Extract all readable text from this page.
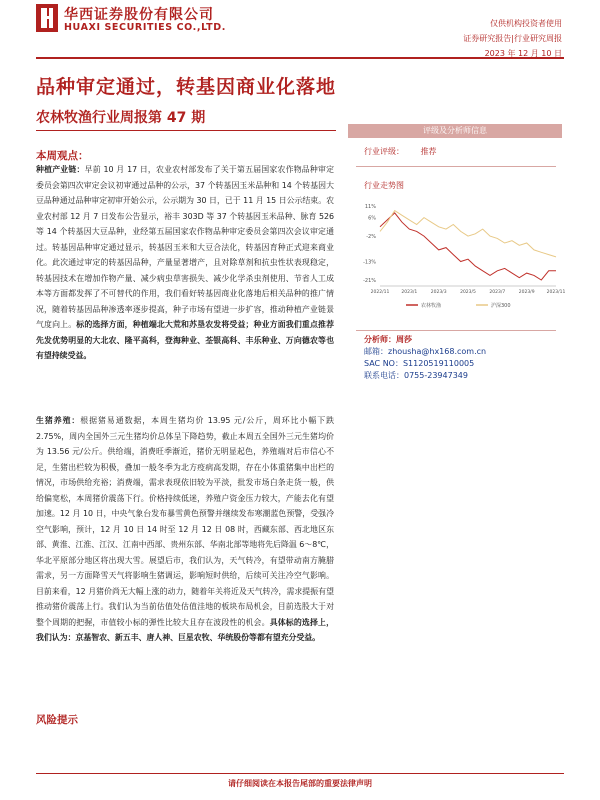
华西证券股份有限公司
HUAXI SECURITIES CO.,LTD.	仅供机构投资者使用
证券研究报告|行业研究周报
2023 年 12 月 10 日
品种审定通过，转基因商业化落地
农林牧渔行业周报第 47 期
本周观点：
种植产业链：早前 10 月 17 日，农业农村部发布了关于第五届国家农作物品种审定委员会第四次审定会议初审通过品种的公示，37 个转基因玉米品种和 14 个转基因大豆品种通过品种审定初审开始公示，公示期为 30 日，已于 11 月 15 日公示结束。农业农村部 12 月 7 日发布公告显示，裕丰 303D 等 37 个转基因玉米品种、脉育 526 等 14 个转基因大豆品种，业经第五届国家农作物品种审定委员会第四次会议审定通过。转基因品种审定通过显示，转基因玉米和大豆合法化，转基因育种正式迎来商业化。此次通过审定的转基因品种，产量显著增产，且对除草剂和抗虫性状表现稳定，转基因技术在增加作物产量、减少病虫草害损失、减少化学杀虫剂使用、节省人工成本等方面都发挥了不可替代的作用，我们看好转基因商业化落地后相关品种的推广情况，随着转基因品种渗透率逐步提高，种子市场有望进一步扩容，推动种植产业链景气度向上。标的选择方面，种植端北大荒和苏垦农发将受益；种业方面我们重点推荐先发优势明显的大北农、隆平高科，登海种业、荃银高科、丰乐种业、万向德农等也有望持续受益。
生猪养殖：根据猪易通数据，本周生猪均价 13.95 元/公斤，周环比小幅下跌 2.75%，周内全国外三元生猪均价总体呈下降趋势，截止本周五全国外三元生猪均价为 13.56 元/公斤。供给端，消费旺季渐近，猪价无明显起色，养殖端对后市信心不足，生猪出栏较为积极，叠加一般冬季为北方疫病高发期，存在小体重猪集中出栏的情况，市场供给充裕；消费端，需求表现依旧较为平淡，批发市场白条走货一般，供给偏宽松，本周猪价震荡下行。价格持续低迷，养殖户资金压力较大，产能去化有望加速。12 月 10 日，中央气象台发布暴雪黄色预警并继续发布寒潮蓝色预警，受强冷空气影响，预计，12 月 10 日 14 时至 12 月 12 日 08 时，西藏东部、西北地区东部、黄淮、江淮、江汉、江南中西部、贵州东部、华南北部等地将先后降温 6～8℃，华北平原部分地区将出现大雪。展望后市，我们认为，天气转冷，有望带动南方腌腊需求，另一方面降雪天气将影响生猪调运，影响短时供给，后续可关注冷空气影响。目前来看，12 月猪价尚无大幅上涨的动力，随着年关将近及天气转冷，需求提振有望推动猪价震荡上行。我们认为当前估值处估值洼地的板块布局机会，目前选股大于对整个周期的把握，市值较小标的弹性比较大且存在波段性的机会。具体标的选择上，我们认为：京基智农、新五丰、唐人神、巨星农牧、华统股份等都有望充分受益。
风险提示
评级及分析师信息
行业评级： 推荐
行业走势图
11%
6%
-2%
-13%
-21%
2022/11	2023/1	2023/3	2023/5	2023/7	2023/9	2023/11
农林牧渔	沪深300
分析师：周莎
邮箱：zhousha@hx168.com.cn
SAC NO：S1120519110005
联系电话：0755-23947349
请仔细阅读在本报告尾部的重要法律声明
